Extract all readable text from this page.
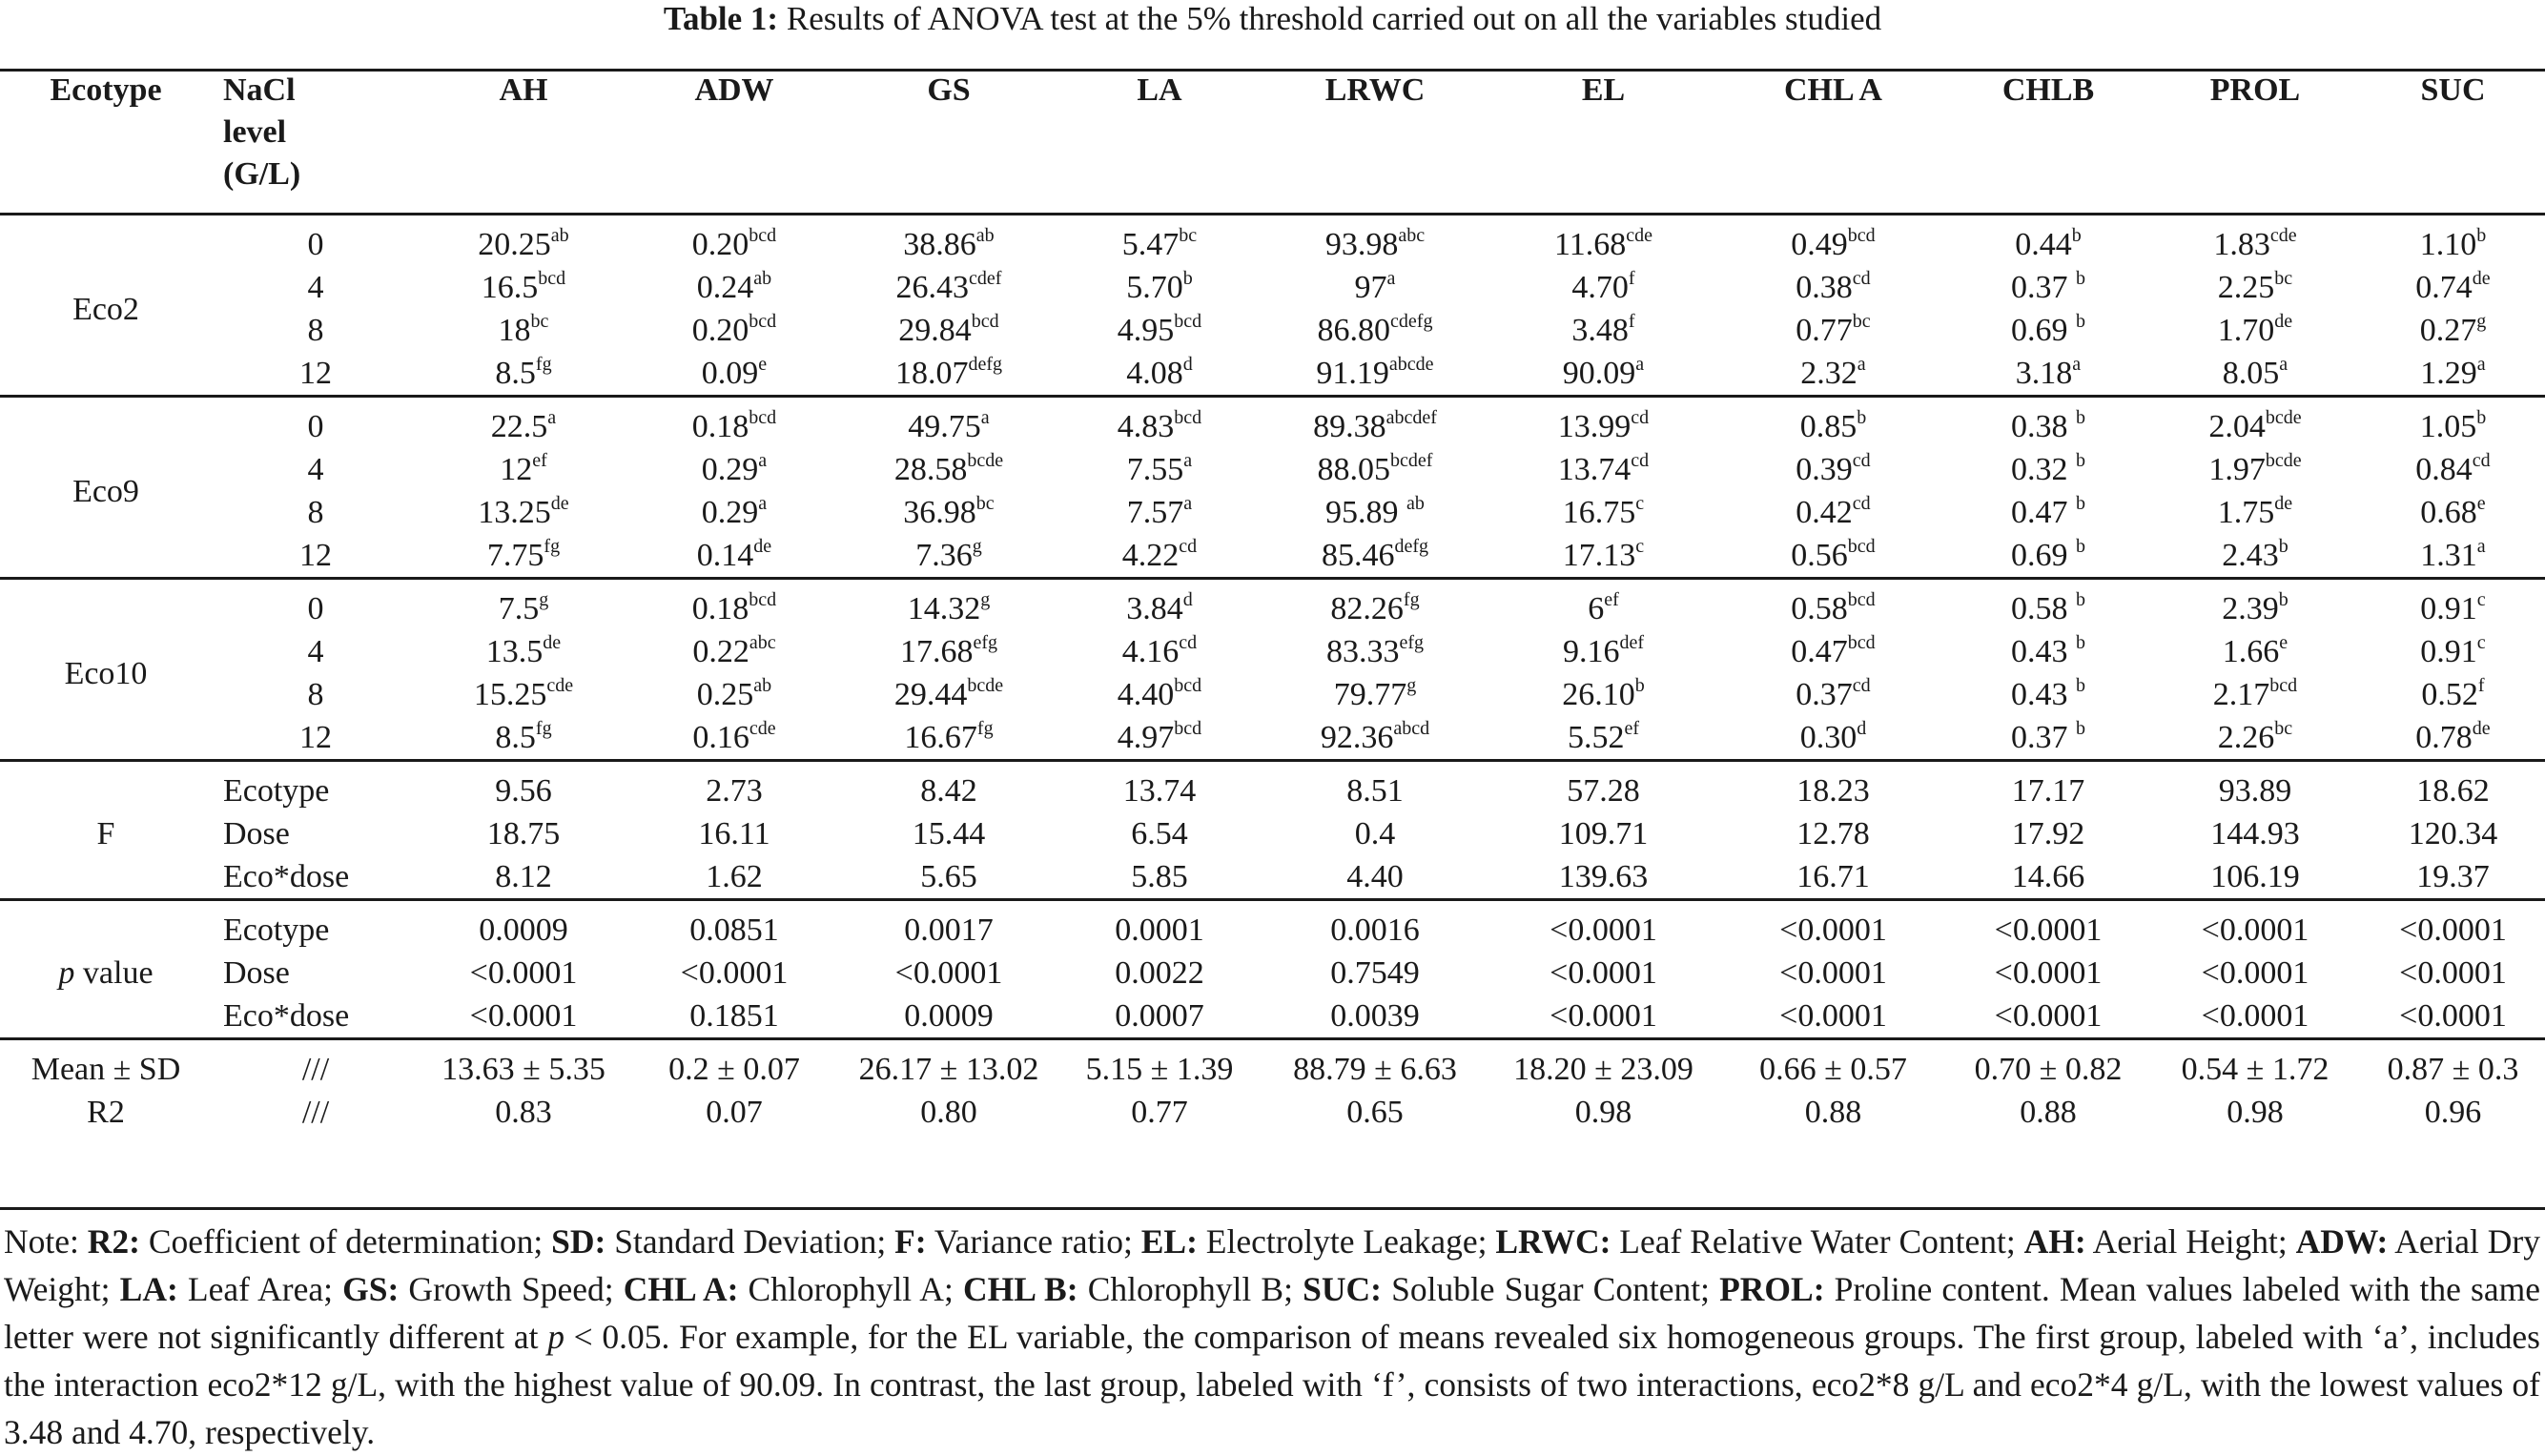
Table 1: Results of ANOVA test at the 5% threshold carried out on all the variables studied
Ecotype	NaCl
level
(G/L)	AH	ADW	GS	LA	LRWC	EL	CHL A	CHLB	PROL	SUC
Eco2	0	20.25$^{ab}$	0.20$^{bcd}$	38.86$^{ab}$	5.47$^{bc}$	93.98$^{abc}$	11.68$^{cde}$	0.49$^{bcd}$	0.44$^b$	1.83$^{cde}$	1.10$^b$
	4	16.5$^{bcd}$	0.24$^{ab}$	$26.43^{cdef}$	5.70$^b$	97$^a$	4.70$^f$	0.38$^{cd}$	0.37 $^b$	2.25$^{bc}$	0.74de
	8	$18^{bc}$	0.20$^{bcd}$	29.84$^{bcd}$	4.95$^{bcd}$	$86.80^{cdefg}$	3.48$^f$	0.77$^{bc}$	0.69 $^b$	1.70de	0.27$^g$
	12	8.5$^{fg}$	0.09e	$18.07^{defg}$	4.08$^d$	$91.19^{abcde}$	90.09$^a$	2.32$^a$	3.18$^a$	8.05$^a$	1.29$^a$
Eco9	0	22.5$^a$	0.18$^{bcd}$	49.75$^a$	4.83$^{bcd}$	$89.38^{abcdef}$	13.99$^{cd}$	0.85$^b$	0.38 $^b$	$2.04^{bcde}$	1.05$^b$
	4	$12^{ef}$	0.29$^a$	$28.58^{bcde}$	7.55$^a$	$88.05^{bcdef}$	13.74$^{cd}$	0.39$^{cd}$	0.32 $^b$	$1.97^{bcde}$	0.84$^{cd}$
	8	13.25de	0.29$^a$	36.98$^{bc}$	7.57$^a$	95.89 $^{ab}$	16.75$^c$	0.42$^{cd}$	0.47 $^b$	1.75de	0.68e
	12	7.75$^{fg}$	0.14de	7.36$^g$	4.22$^{cd}$	$85.46^{defg}$	17.13$^c$	0.56$^{bcd}$	0.69 $^b$	2.43$^b$	1.31$^a$
Eco10	0	7.5$^g$	0.18$^{bcd}$	14.32$^g$	3.84$^d$	82.26$^{fg}$	$6^{ef}$	0.58$^{bcd}$	0.58 $^b$	2.39$^b$	0.91$^c$
	4	13.5de	0.22$^{abc}$	17.68$^{efg}$	4.16$^{cd}$	83.33$^{efg}$	9.16$^{def}$	0.47$^{bcd}$	0.43 $^b$	1.66e	0.91$^c$
	8	15.25$^{cde}$	0.25$^{ab}$	$29.44^{bcde}$	4.40$^{bcd}$	79.77$^g$	26.10$^b$	0.37$^{cd}$	0.43 $^b$	2.17$^{bcd}$	0.52$^f$
	12	8.5$^{fg}$	0.16$^{cde}$	16.67$^{fg}$	4.97$^{bcd}$	$92.36^{abcd}$	5.52$^{ef}$	0.30$^d$	0.37 $^b$	2.26$^{bc}$	0.78de
F	Ecotype	9.56	2.73	8.42	13.74	8.51	57.28	18.23	17.17	93.89	18.62
	Dose	18.75	16.11	15.44	6.54	0.4	109.71	12.78	17.92	144.93	120.34
	Eco*dose	8.12	1.62	5.65	5.85	4.40	139.63	16.71	14.66	106.19	19.37
p value	Ecotype	0.0009	0.0851	0.0017	0.0001	0.0016	<0.0001	<0.0001	<0.0001	<0.0001	<0.0001
	Dose	<0.0001	<0.0001	<0.0001	0.0022	0.7549	<0.0001	<0.0001	<0.0001	<0.0001	<0.0001
	Eco*dose	<0.0001	0.1851	0.0009	0.0007	0.0039	<0.0001	<0.0001	<0.0001	<0.0001	<0.0001
Mean ± SD	///	13.63 ± 5.35	0.2 ± 0.07	26.17 ± 13.02	5.15 ± 1.39	88.79 ± 6.63	18.20 ± 23.09	0.66 ± 0.57	0.70 ± 0.82	0.54 ± 1.72	0.87 ± 0.3
R2	///	0.83	0.07	0.80	0.77	0.65	0.98	0.88	0.88	0.98	0.96
Note: R2: Coefficient of determination; SD: Standard Deviation; F: Variance ratio; EL: Electrolyte Leakage; LRWC: Leaf Relative Water Content; AH: Aerial Height; ADW: Aerial Dry Weight; LA: Leaf Area; GS: Growth Speed; CHL A: Chlorophyll A; CHL B: Chlorophyll B; SUC: Soluble Sugar Content; PROL: Proline content. Mean values labeled with the same letter were not significantly different at p < 0.05. For example, for the EL variable, the comparison of means revealed six homogeneous groups. The first group, labeled with ‘a’, includes the interaction eco2*12 g/L, with the highest value of 90.09. In contrast, the last group, labeled with ‘f’, consists of two interactions, eco2*8 g/L and eco2*4 g/L, with the lowest values of 3.48 and 4.70, respectively.
